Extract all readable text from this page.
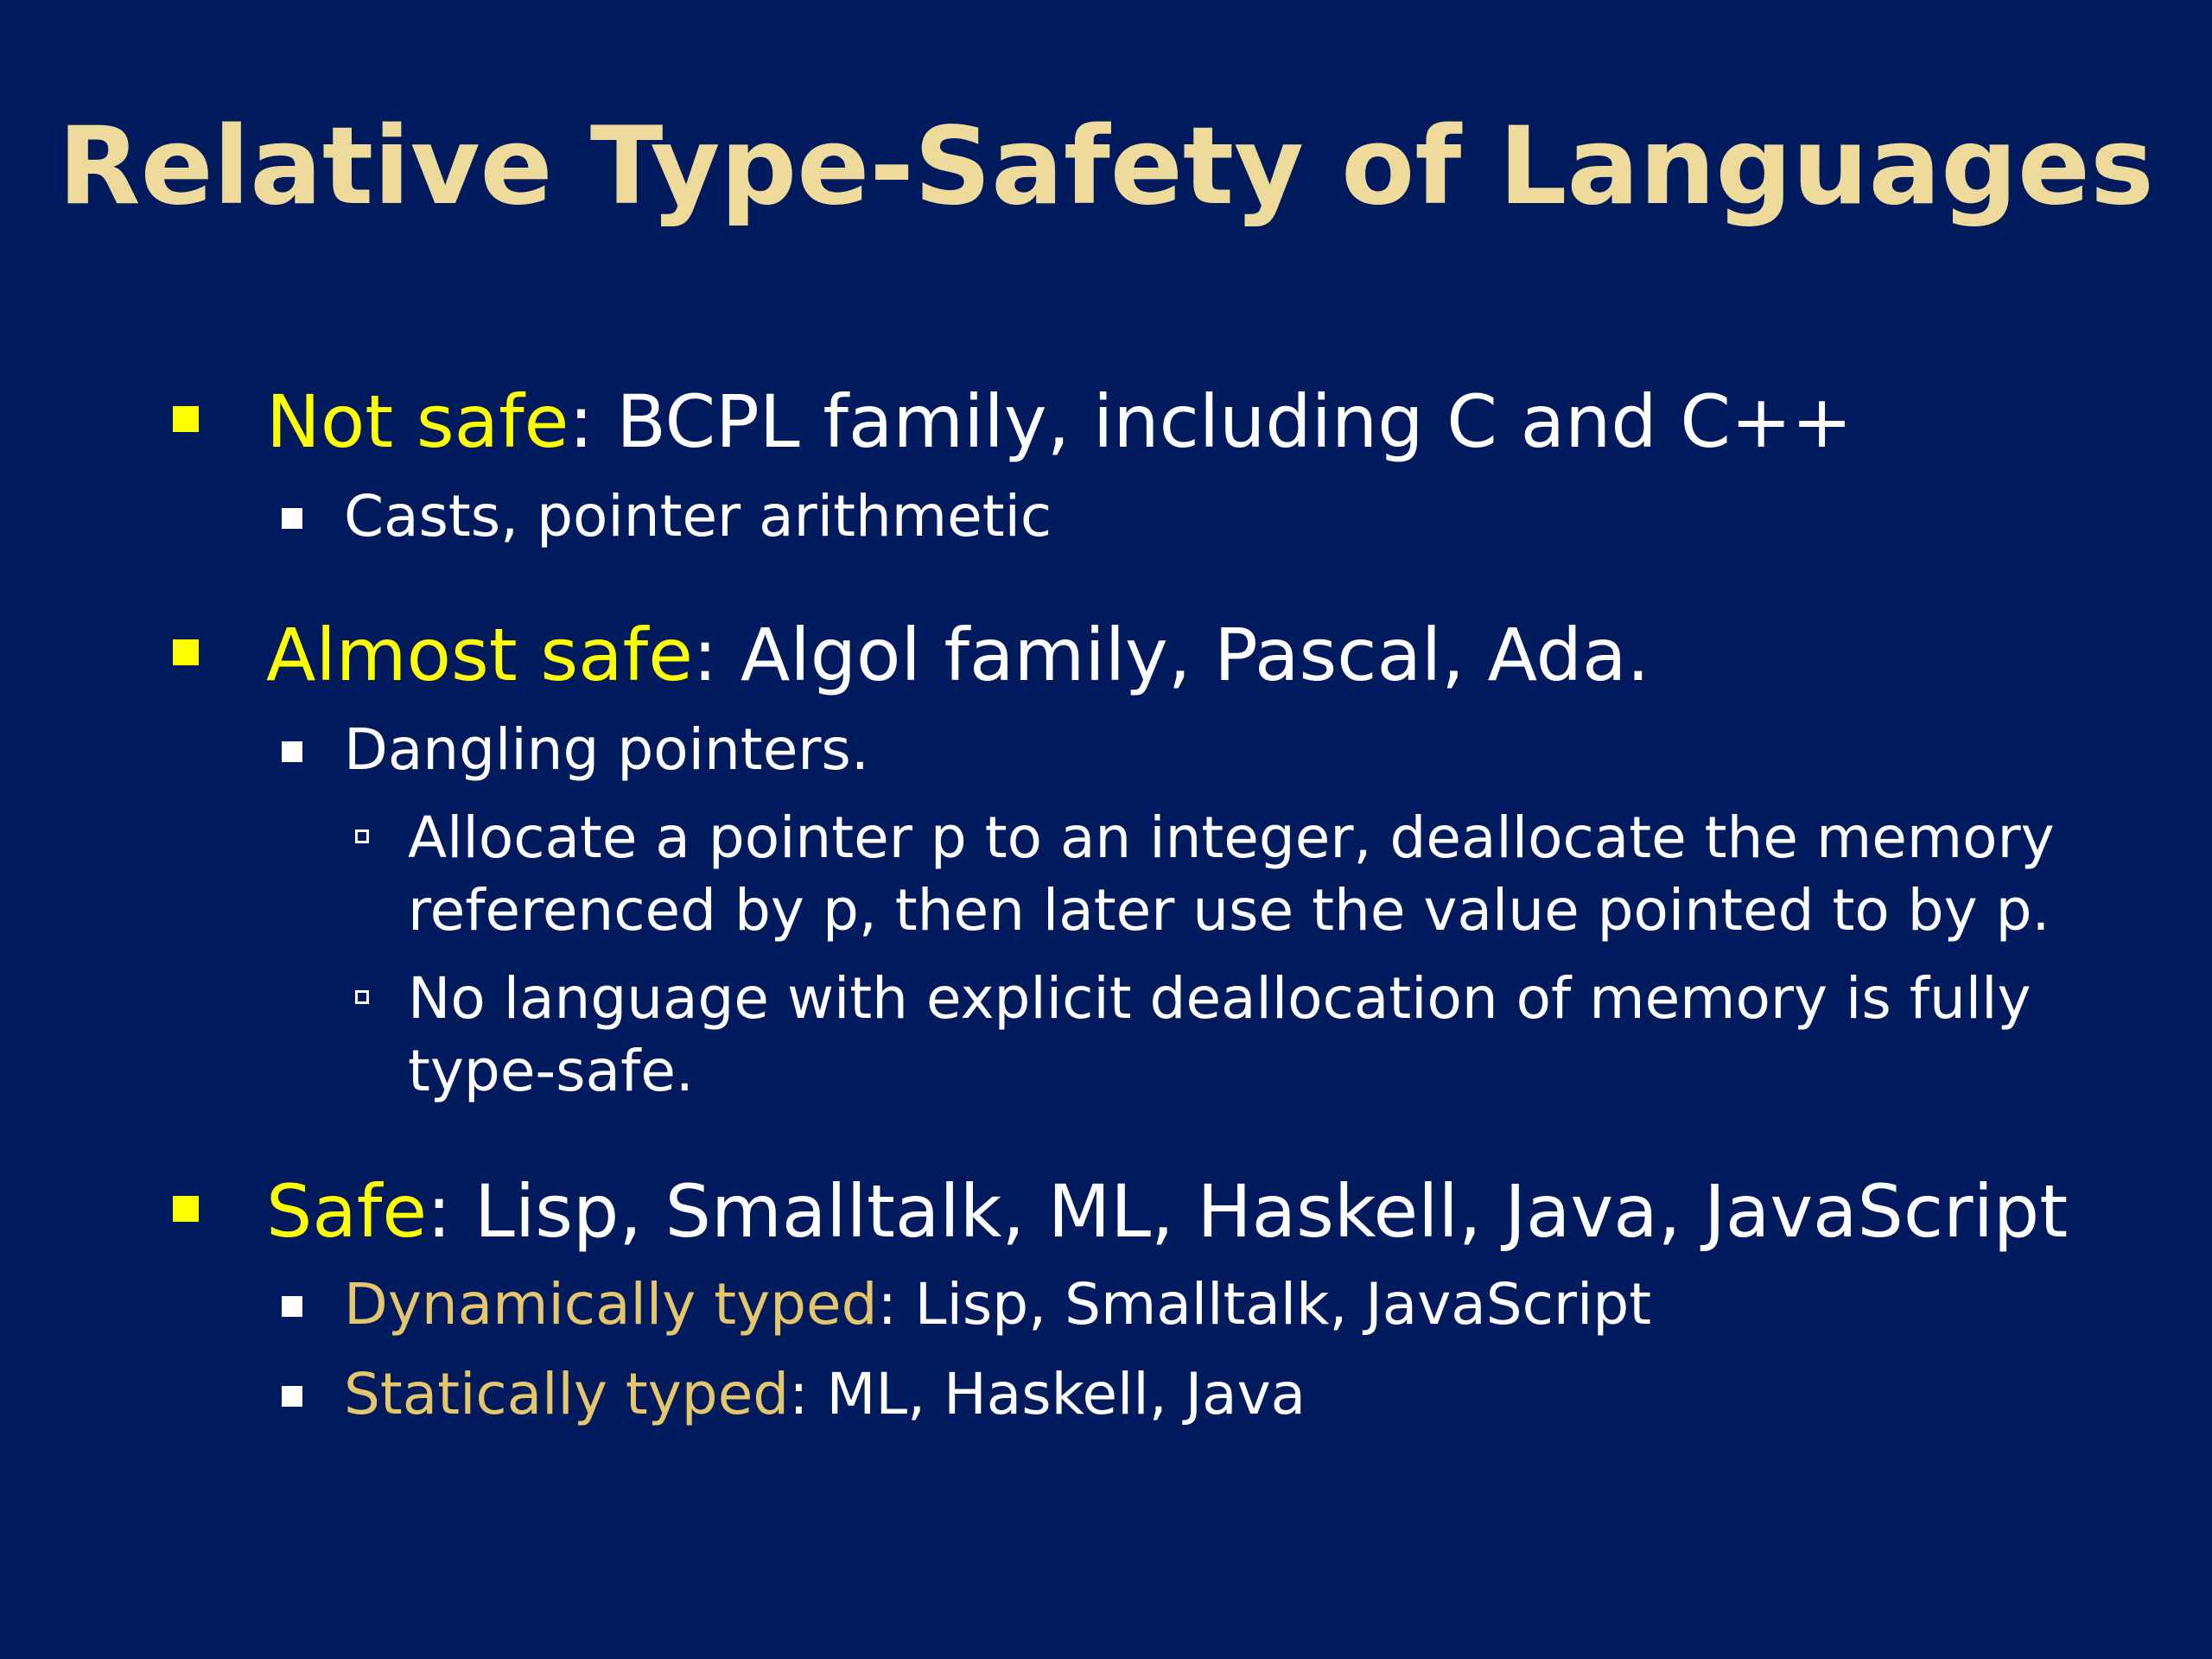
Relative Type-Safety of Languages
Not safe: BCPL family, including C and C++
Casts, pointer arithmetic
Almost safe: Algol family, Pascal, Ada.
Dangling pointers.
Allocate a pointer p to an integer, deallocate the memory
referenced by p, then later use the value pointed to by p.
No language with explicit deallocation of memory is fully
type-safe.
Safe: Lisp, Smalltalk, ML, Haskell, Java, JavaScript
Dynamically typed: Lisp, Smalltalk, JavaScript
Statically typed: ML, Haskell, Java
